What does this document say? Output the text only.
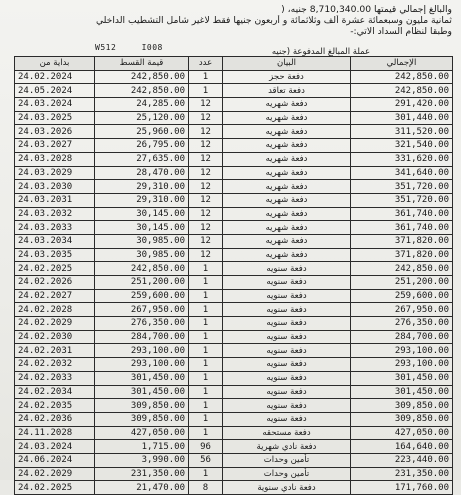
والبالغ إجمالي قيمتها 8,710,340.00 جنيه، (
ثمانية مليون وسبعمائة عشرة ألف وثلاثمائة و أربعون جنيها فقط لاغير شامل التشطيب الداخلي
وطبقا لنظام السداد الاتي:-
W512	I008	عملة المبالغ المدفوعة (جنيه
بداية من	قيمة القسط	عدد	البيان	الإجمالي
24.02.2024	242,850.00	1	دفعة حجز	242,850.00
24.05.2024	242,850.00	1	دفعة تعاقد	242,850.00
24.03.2024	24,285.00	12	دفعة شهريه	291,420.00
24.03.2025	25,120.00	12	دفعة شهريه	301,440.00
24.03.2026	25,960.00	12	دفعة شهريه	311,520.00
24.03.2027	26,795.00	12	دفعة شهريه	321,540.00
24.03.2028	27,635.00	12	دفعة شهريه	331,620.00
24.03.2029	28,470.00	12	دفعة شهريه	341,640.00
24.03.2030	29,310.00	12	دفعة شهريه	351,720.00
24.03.2031	29,310.00	12	دفعة شهريه	351,720.00
24.03.2032	30,145.00	12	دفعة شهريه	361,740.00
24.03.2033	30,145.00	12	دفعة شهريه	361,740.00
24.03.2034	30,985.00	12	دفعة شهريه	371,820.00
24.03.2035	30,985.00	12	دفعة شهريه	371,820.00
24.02.2025	242,850.00	1	دفعة سنويه	242,850.00
24.02.2026	251,200.00	1	دفعة سنويه	251,200.00
24.02.2027	259,600.00	1	دفعة سنويه	259,600.00
24.02.2028	267,950.00	1	دفعة سنويه	267,950.00
24.02.2029	276,350.00	1	دفعة سنويه	276,350.00
24.02.2030	284,700.00	1	دفعة سنويه	284,700.00
24.02.2031	293,100.00	1	دفعة سنويه	293,100.00
24.02.2032	293,100.00	1	دفعة سنويه	293,100.00
24.02.2033	301,450.00	1	دفعة سنويه	301,450.00
24.02.2034	301,450.00	1	دفعة سنويه	301,450.00
24.02.2035	309,850.00	1	دفعة سنويه	309,850.00
24.02.2036	309,850.00	1	دفعة سنويه	309,850.00
24.11.2028	427,050.00	1	دفعة مستحقه	427,050.00
24.03.2024	1,715.00	96	دفعة نادي شهرية	164,640.00
24.06.2024	3,990.00	56	تأمين وحدات	223,440.00
24.02.2029	231,350.00	1	تأمين وحدات	231,350.00
24.02.2025	21,470.00	8	دفعة نادي سنوية	171,760.00
